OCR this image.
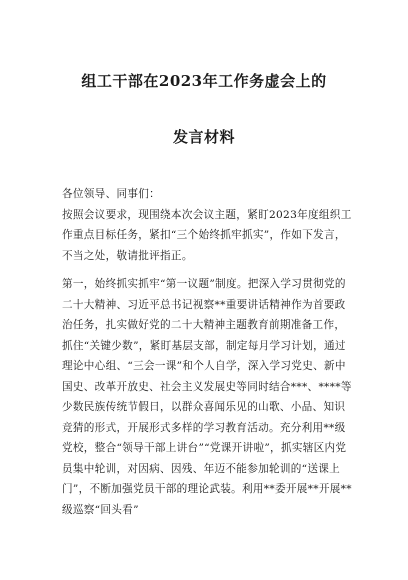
组工干部在2023年工作务虚会上的
发言材料

各位领导、同事们：

按照会议要求，现围绕本次会议主题，紧盯2023年度组织工作重点目标任务，紧扣“三个始终抓牢抓实”，作如下发言，不当之处，敬请批评指正。

第一，始终抓实抓牢“第一议题”制度。把深入学习贯彻党的二十大精神、习近平总书记视察**重要讲话精神作为首要政治任务，扎实做好党的二十大精神主题教育前期准备工作，抓住“关键少数”，紧盯基层支部，制定每月学习计划，通过理论中心组、“三会一课”和个人自学，深入学习党史、新中国史、改革开放史、社会主义发展史等同时结合***、****等少数民族传统节假日，以群众喜闻乐见的山歌、小品、知识竞猜的形式，开展形式多样的学习教育活动。充分利用**级党校，整合“领导干部上讲台”“党课开讲啦”，抓实辖区内党员集中轮训，对因病、因残、年迈不能参加轮训的“送课上门”，不断加强党员干部的理论武装。利用**委开展**开展**级巡察“回头看”
